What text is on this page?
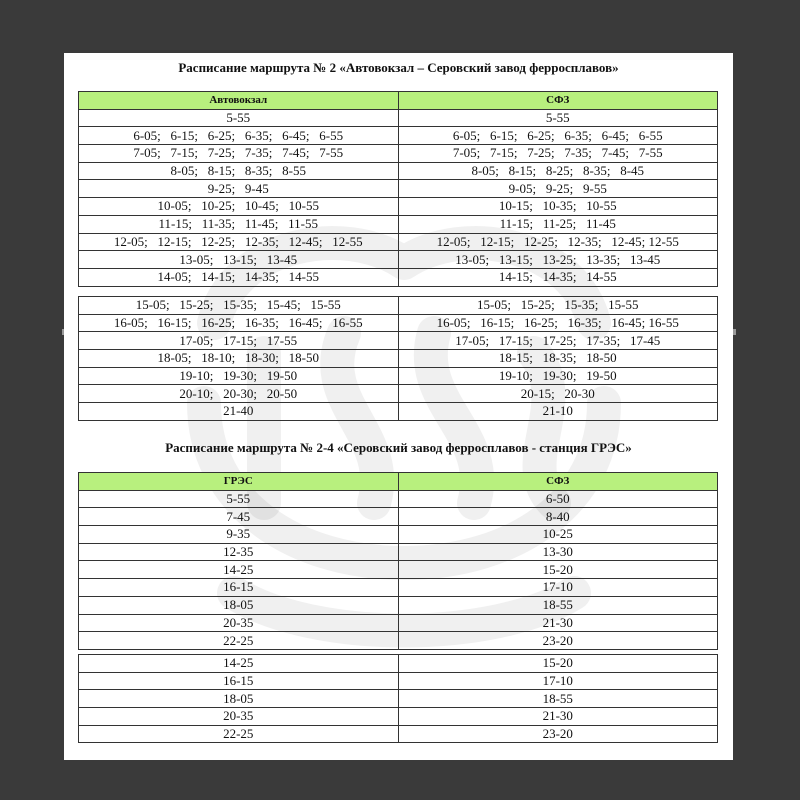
Расписание маршрута № 2 «Автовокзал – Серовский завод ферросплавов»
Автовокзал	СФЗ
5-55	5-55
6-05;   6-15;   6-25;   6-35;   6-45;   6-55	6-05;   6-15;   6-25;   6-35;   6-45;   6-55
7-05;   7-15;   7-25;   7-35;   7-45;   7-55	7-05;   7-15;   7-25;   7-35;   7-45;   7-55
8-05;   8-15;   8-35;   8-55	8-05;   8-15;   8-25;   8-35;   8-45
9-25;   9-45	9-05;   9-25;   9-55
10-05;   10-25;   10-45;   10-55	10-15;   10-35;   10-55
11-15;   11-35;   11-45;   11-55	11-15;   11-25;   11-45
12-05;   12-15;   12-25;   12-35;   12-45;   12-55	12-05;   12-15;   12-25;   12-35;   12-45; 12-55
13-05;   13-15;   13-45	13-05;   13-15;   13-25;   13-35;   13-45
14-05;   14-15;   14-35;   14-55	14-15;   14-35;   14-55
15-05;   15-25;   15-35;   15-45;   15-55	15-05;   15-25;   15-35;   15-55
16-05;   16-15;   16-25;   16-35;   16-45;   16-55	16-05;   16-15;   16-25;   16-35;   16-45; 16-55
17-05;   17-15;   17-55	17-05;   17-15;   17-25;   17-35;   17-45
18-05;   18-10;   18-30;   18-50	18-15;   18-35;   18-50
19-10;   19-30;   19-50	19-10;   19-30;   19-50
20-10;   20-30;   20-50	20-15;   20-30
21-40	21-10
Расписание маршрута № 2-4 «Серовский завод ферросплавов - станция ГРЭС»
ГРЭС	СФЗ
5-55	6-50
7-45	8-40
9-35	10-25
12-35	13-30
14-25	15-20
16-15	17-10
18-05	18-55
20-35	21-30
22-25	23-20
14-25	15-20
16-15	17-10
18-05	18-55
20-35	21-30
22-25	23-20
